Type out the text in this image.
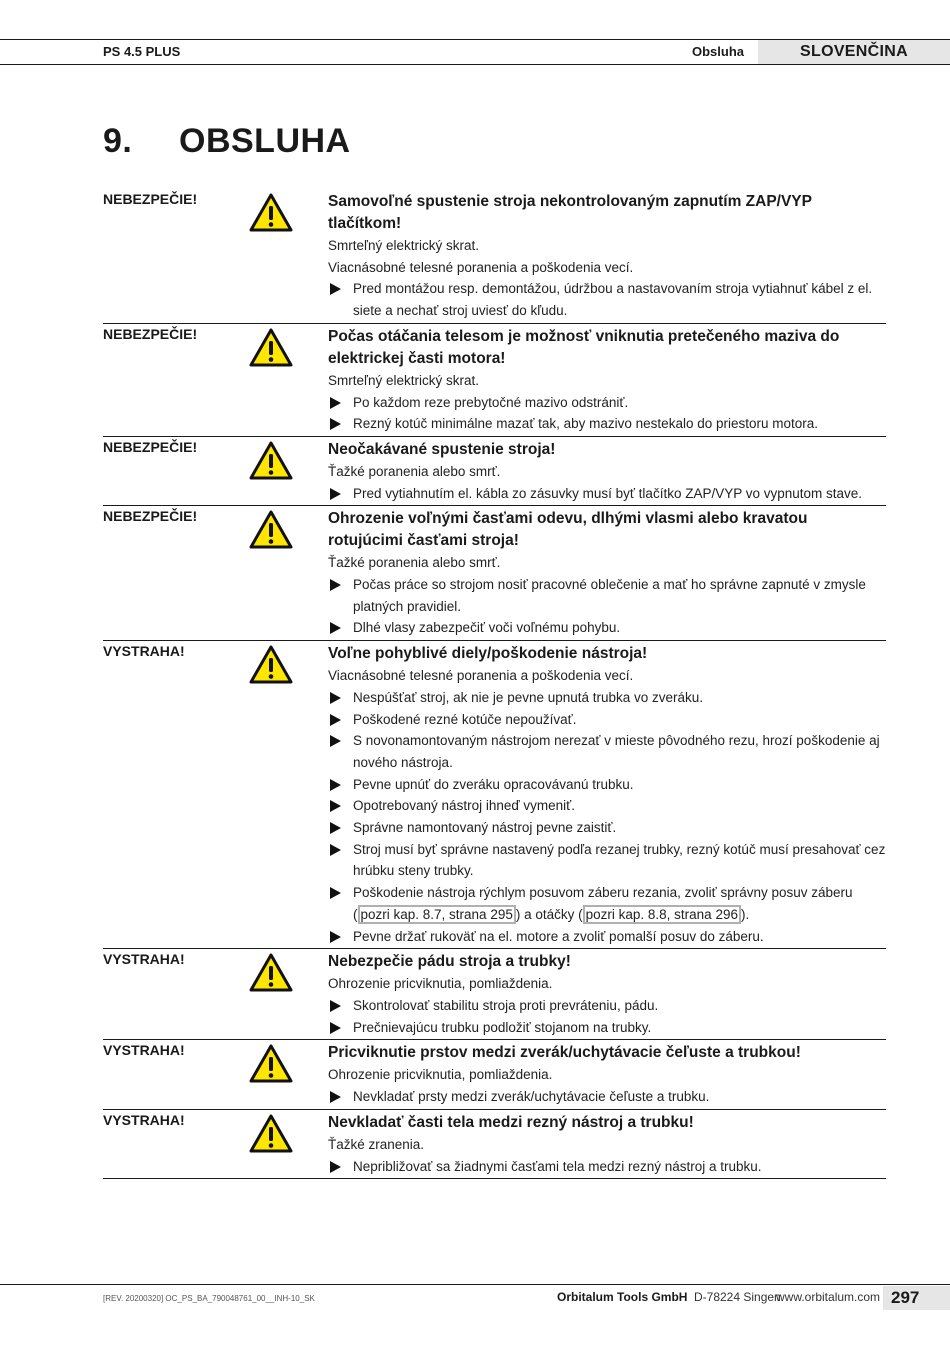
PS 4.5 PLUS	Obsluha	SLOVENČINA
9. OBSLUHA
NEBEZPEČIE!	Samovoľné spustenie stroja nekontrolovaným zapnutím ZAP/VYP tlačítkom!
Smrteľný elektrický skrat.
Viacnásobné telesné poranenia a poškodenia vecí.
Pred montážou resp. demontážou, údržbou a nastavovaním stroja vytiahnuť kábel z el. siete a nechať stroj uviesť do kľudu.
NEBEZPEČIE!	Počas otáčania telesom je možnosť vniknutia pretečeného maziva do elektrickej časti motora!
Smrteľný elektrický skrat.
Po každom reze prebytočné mazivo odstrániť.
Rezný kotúč minimálne mazať tak, aby mazivo nestekalo do priestoru motora.
NEBEZPEČIE!	Neočakávané spustenie stroja!
Ťažké poranenia alebo smrť.
Pred vytiahnutím el. kábla zo zásuvky musí byť tlačítko ZAP/VYP vo vypnutom stave.
NEBEZPEČIE!	Ohrozenie voľnými časťami odevu, dlhými vlasmi alebo kravatou rotujúcimi časťami stroja!
Ťažké poranenia alebo smrť.
Počas práce so strojom nosiť pracovné oblečenie a mať ho správne zapnuté v zmysle platných pravidiel.
Dlhé vlasy zabezpečiť voči voľnému pohybu.
VYSTRAHA!	Voľne pohyblivé diely/poškodenie nástroja!
Viacnásobné telesné poranenia a poškodenia vecí.
Nespúšťať stroj, ak nie je pevne upnutá trubka vo zveráku.
Poškodené rezné kotúče nepoužívať.
S novonamontovaným nástrojom nerezať v mieste pôvodného rezu, hrozí poškodenie aj nového nástroja.
Pevne upnúť do zveráku opracovávanú trubku.
Opotrebovaný nástroj ihneď vymeniť.
Správne namontovaný nástroj pevne zaistiť.
Stroj musí byť správne nastavený podľa rezanej trubky, rezný kotúč musí presahovať cez hrúbku steny trubky.
Poškodenie nástroja rýchlym posuvom záberu rezania, zvoliť správny posuv záberu ( pozri kap. 8.7, strana 295 ) a otáčky ( pozri kap. 8.8, strana 296 ).
Pevne držať rukoväť na el. motore a zvoliť pomalší posuv do záberu.
VYSTRAHA!	Nebezpečie pádu stroja a trubky!
Ohrozenie pricviknutia, pomliaždenia.
Skontrolovať stabilitu stroja proti prevráteniu, pádu.
Prečnievajúcu trubku podložiť stojanom na trubky.
VYSTRAHA!	Pricviknutie prstov medzi zverák/uchytávacie čeľuste a trubkou!
Ohrozenie pricviknutia, pomliaždenia.
Nevkladať prsty medzi zverák/uchytávacie čeľuste a trubku.
VYSTRAHA!	Nevkladať časti tela medzi rezný nástroj a trubku!
Ťažké zranenia.
Nepribližovať sa žiadnymi časťami tela medzi rezný nástroj a trubku.
[REV. 20200320] OC_PS_BA_790048761_00__INH-10_SK	Orbitalum Tools GmbH D-78224 Singen
www.orbitalum.com 297
